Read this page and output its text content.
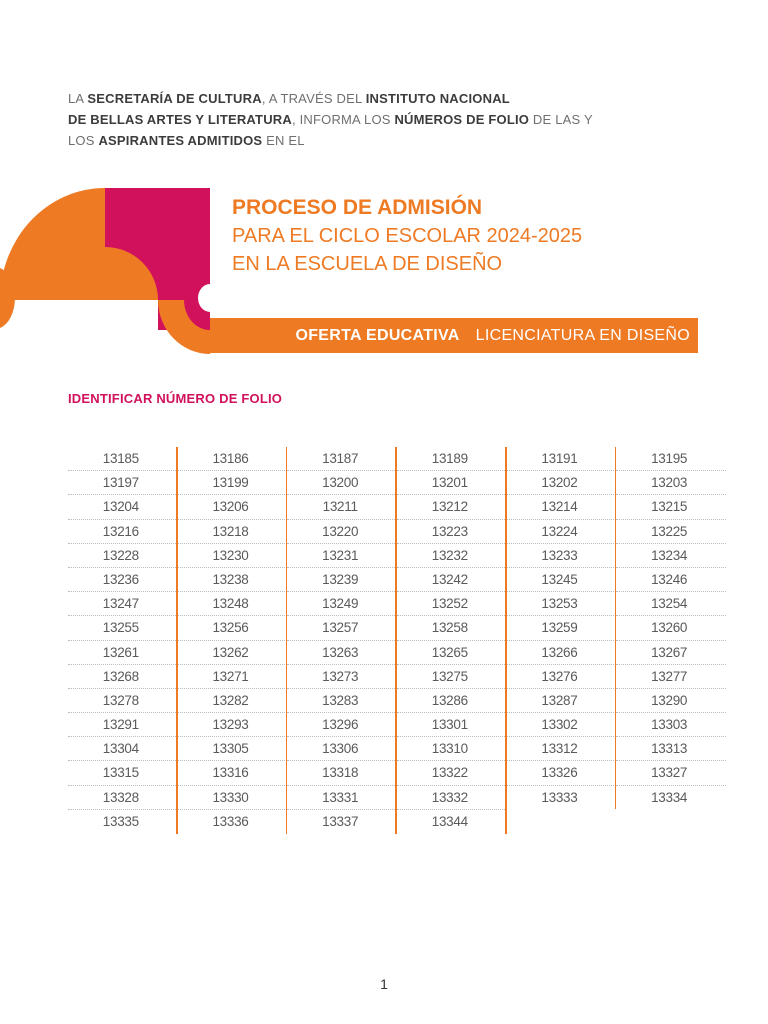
LA SECRETARÍA DE CULTURA, A TRAVÉS DEL INSTITUTO NACIONAL
DE BELLAS ARTES Y LITERATURA, INFORMA LOS NÚMEROS DE FOLIO DE LAS Y
LOS ASPIRANTES ADMITIDOS EN EL
PROCESO DE ADMISIÓN
PARA EL CICLO ESCOLAR 2024-2025
EN LA ESCUELA DE DISEÑO
OFERTA EDUCATIVA LICENCIATURA EN DISEÑO
IDENTIFICAR NÚMERO DE FOLIO
13185
13197
13204
13216
13228
13236
13247
13255
13261
13268
13278
13291
13304
13315
13328
13335
13186
13199
13206
13218
13230
13238
13248
13256
13262
13271
13282
13293
13305
13316
13330
13336
13187
13200
13211
13220
13231
13239
13249
13257
13263
13273
13283
13296
13306
13318
13331
13337
13189
13201
13212
13223
13232
13242
13252
13258
13265
13275
13286
13301
13310
13322
13332
13344
13191
13202
13214
13224
13233
13245
13253
13259
13266
13276
13287
13302
13312
13326
13333
13195
13203
13215
13225
13234
13246
13254
13260
13267
13277
13290
13303
13313
13327
13334
1
